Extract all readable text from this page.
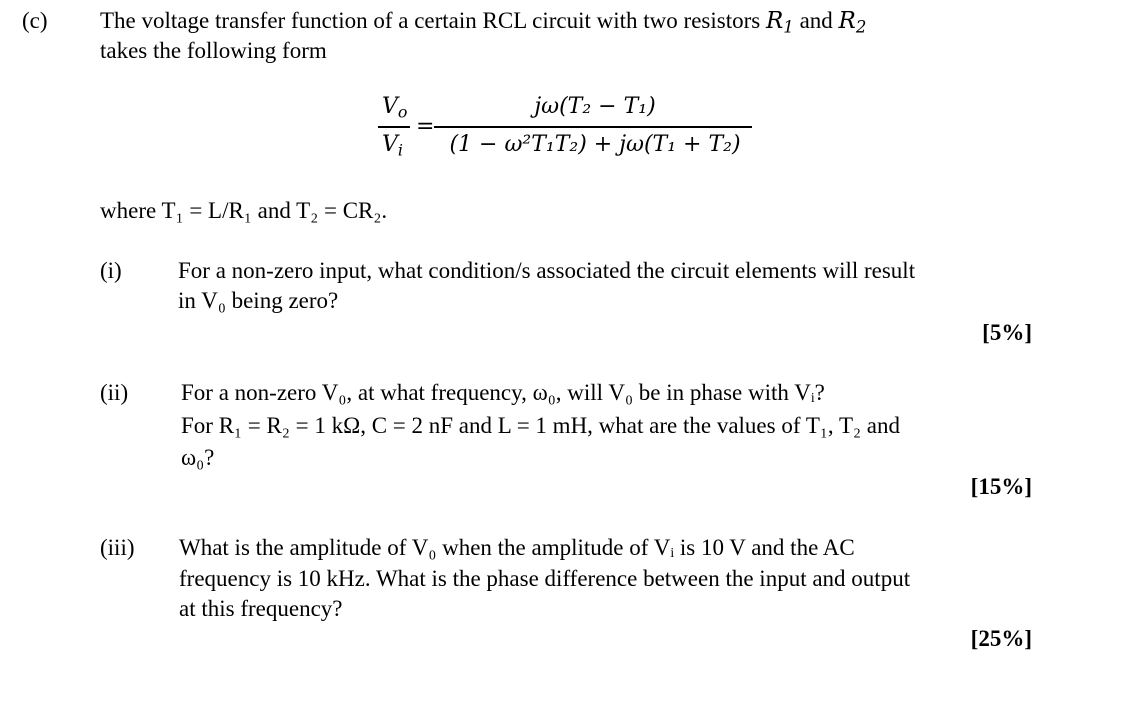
(c) The voltage transfer function of a certain RCL circuit with two resistors $R_1$ and $R_2$
takes the following form
$V_o$
$V_i$
=
jω(T₂ − T₁)
(1 − ω²T₁T₂) + jω(T₁ + T₂)
where T₁ = L/R₁ and T₂ = CR₂.
(i) For a non-zero input, what condition/s associated the circuit elements will result
in V₀ being zero?
[5%]
(ii) For a non-zero V₀, at what frequency, ω₀, will V₀ be in phase with Vᵢ?
For R₁ = R₂ = 1 kΩ, C = 2 nF and L = 1 mH, what are the values of T₁, T₂ and
ω₀?
[15%]
(iii) What is the amplitude of V₀ when the amplitude of Vᵢ is 10 V and the AC
frequency is 10 kHz. What is the phase difference between the input and output
at this frequency?
[25%]
